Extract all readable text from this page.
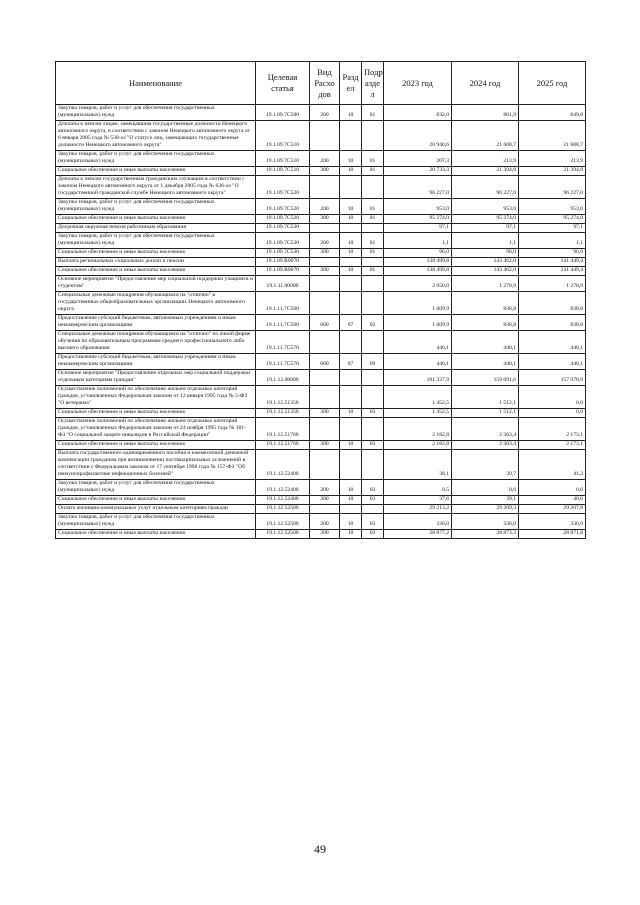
Наименование	Целевая статья	Вид Расхо дов	Разд ел	Подр азде л	2023 год	2024 год	2025 год
Закупка товаров, работ и услуг для обеспечения государственных (муниципальных) нужд	19.1.09.7С500	200	10	01	832,0	861,9	849,8
Доплаты к пенсии лицам, замещавшим государственные должности Ненецкого автономного округа, в соответствии с законом Ненецкого автономного округа от 6 января 2005 года № 538-оз "О статусе лиц, замещающих государственные должности Ненецкого автономного округа"	19.1.09.7С510				20 940,6	21 608,7	21 608,7
Закупка товаров, работ и услуг для обеспечения государственных (муниципальных) нужд	19.1.09.7С510	200	10	01	207,3	213,9	213,9
Социальное обеспечение и иные выплаты населению	19.1.09.7С510	300	10	01	20 733,3	21 394,8	21 394,8
Доплаты к пенсии государственным гражданским служащим в соответствии с законом Ненецкого автономного округа от 1 декабря 2005 года № 636-оз "О государственной гражданской службе Ненецкого автономного округа"	19.1.09.7С520				96 227,0	96 227,0	96 227,0
Закупка товаров, работ и услуг для обеспечения государственных (муниципальных) нужд	19.1.09.7С520	200	10	01	953,0	953,0	953,0
Социальное обеспечение и иные выплаты населению	19.1.09.7С520	300	10	01	95 274,0	95 274,0	95 274,0
Досрочная окружная пенсия работникам образования	19.1.09.7С530				97,1	97,1	97,1
Закупка товаров, работ и услуг для обеспечения государственных (муниципальных) нужд	19.1.09.7С530	200	10	01	1,1	1,1	1,1
Социальное обеспечение и иные выплаты населению	19.1.09.7С530	300	10	01	96,0	96,0	96,0
Выплата региональных социальных доплат к пенсии	19.1.09.R0070				138 499,8	143 462,0	141 449,4
Социальное обеспечение и иные выплаты населению	19.1.09.R0070	300	10	01	138 499,8	143 462,0	141 449,4
Основное мероприятие "Предоставление мер социальной поддержки учащимся и студентам"	19.1.11.00000				2 050,0	1 278,9	1 278,9
Специальные денежные поощрения обучающимся на "отлично" в государственных общеобразовательных организациях Ненецкого автономного округа	19.1.11.7С560				1 609,9	838,8	838,8
Предоставление субсидий бюджетным, автономным учреждениям и иным некоммерческим организациям	19.1.11.7С560	600	07	02	1 609,9	838,8	838,8
Специальные денежные поощрения обучающимся на "отлично" по очной форме обучения по образовательным программам среднего профессионального либо высшего образования	19.1.11.7С570				440,1	440,1	440,1
Предоставление субсидий бюджетным, автономным учреждениям и иным некоммерческим организациям	19.1.11.7С570	600	07	09	440,1	440,1	440,1
Основное мероприятие "Предоставление отдельных мер социальной поддержки отдельным категориям граждан"	19.1.12.00000				191 337,9	159 091,6	157 078,9
Осуществление полномочий по обеспечению жильем отдельных категорий граждан, установленных Федеральным законом от 12 января 1995 года № 5-ФЗ "О ветеранах"	19.1.12.51350				1 452,5	1 512,1	0,0
Социальное обеспечение и иные выплаты населению	19.1.12.51350	300	10	03	1 452,5	1 512,1	0,0
Осуществление полномочий по обеспечению жильем отдельных категорий граждан, установленных Федеральным законом от 24 ноября 1995 года № 181-ФЗ "О социальной защите инвалидов в Российской Федерации"	19.1.12.51760				2 182,8	2 303,4	2 173,1
Социальное обеспечение и иные выплаты населению	19.1.12.51760	300	10	03	2 182,8	2 303,4	2 173,1
Выплата государственного единовременного пособия и ежемесячной денежной компенсации гражданам при возникновении поствакцинальных осложнений в соответствии с Федеральным законом от 17 сентября 1998 года № 157-ФЗ "Об иммунопрофилактике инфекционных болезней"	19.1.12.52400				38,1	39,7	41,2
Закупка товаров, работ и услуг для обеспечения государственных (муниципальных) нужд	19.1.12.52400	200	10	03	0,5	0,6	0,6
Социальное обеспечение и иные выплаты населению	19.1.12.52400	300	10	03	37,6	39,1	40,6
Оплата жилищно-коммунальных услуг отдельным категориям граждан	19.1.12.52500				29 213,2	29 209,3	29 207,8
Закупка товаров, работ и услуг для обеспечения государственных (муниципальных) нужд	19.1.12.52500	200	10	03	336,0	336,0	336,0
Социальное обеспечение и иные выплаты населению	19.1.12.52500	300	10	03	28 877,2	28 873,3	28 871,8
49
